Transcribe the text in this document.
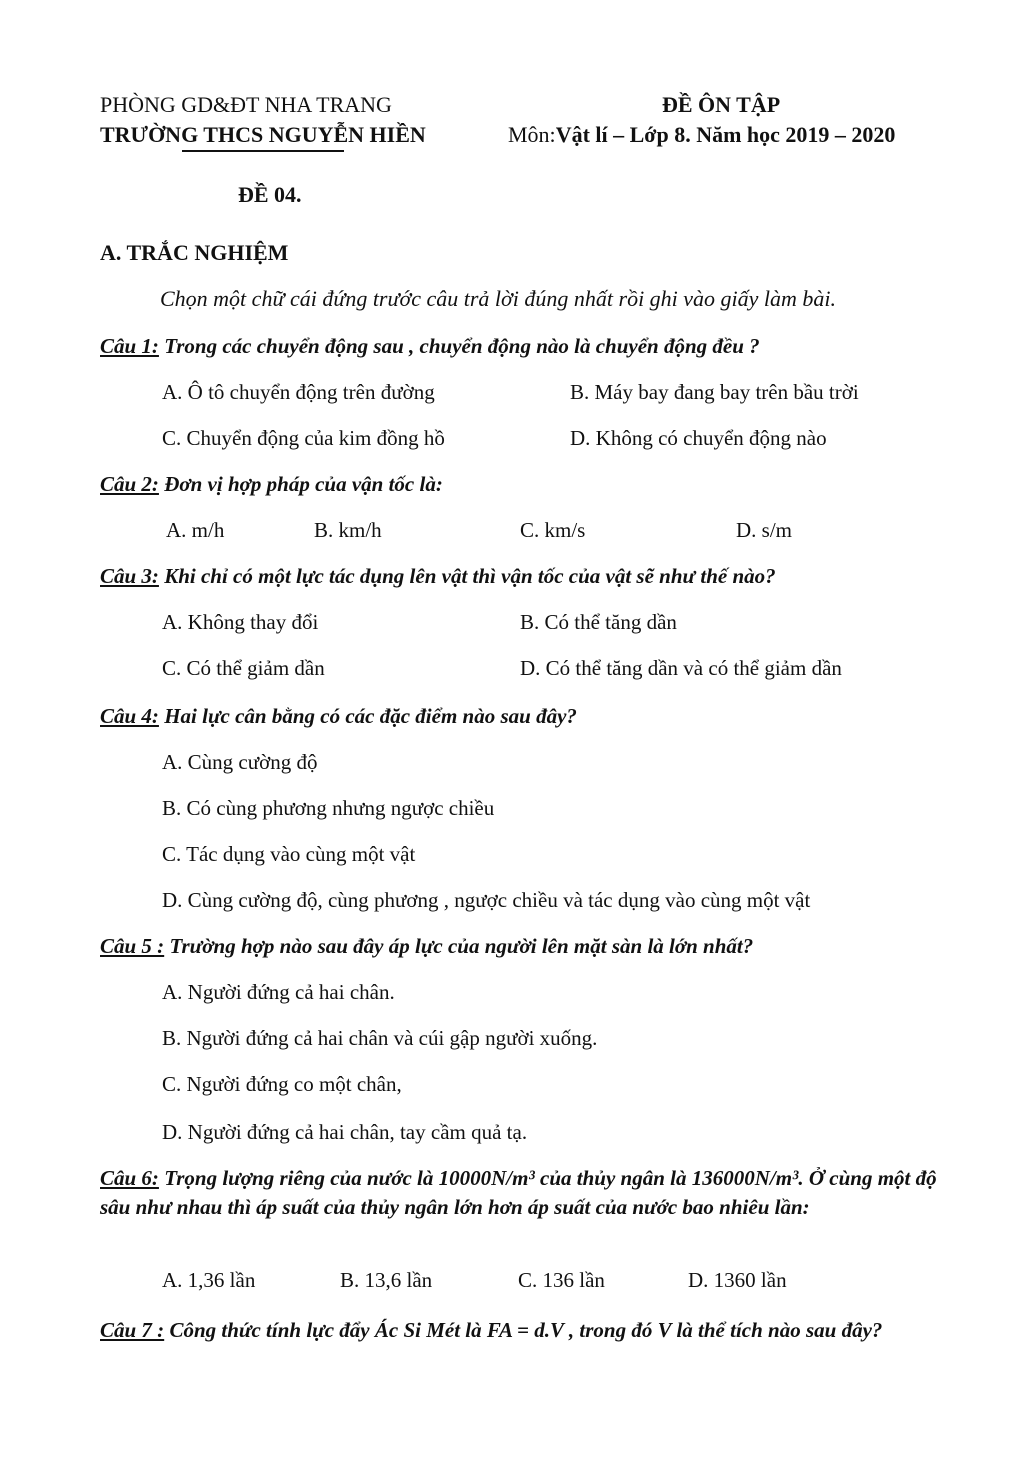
PHÒNG GD&ĐT NHA TRANG
TRƯỜNG THCS NGUYỄN HIỀN
ĐỀ ÔN TẬP
Môn:Vật lí – Lớp 8. Năm học 2019 – 2020
ĐỀ 04.
A. TRẮC NGHIỆM
Chọn một chữ cái đứng trước câu trả lời đúng nhất rồi ghi vào giấy làm bài.
Câu 1: Trong các chuyển động sau , chuyển động nào là chuyển động đều ?
A. Ô tô chuyển động trên đường	B. Máy bay đang bay trên bầu trời
C. Chuyển động của kim đồng hồ	D. Không có chuyển động nào
Câu 2: Đơn vị hợp pháp của vận tốc là:
A. m/h	B. km/h	C. km/s	D. s/m
Câu 3: Khi chỉ có một lực tác dụng lên vật thì vận tốc của vật sẽ như thế nào?
A. Không thay đổi	B. Có thể tăng dần
C. Có thể giảm dần	D. Có thể tăng dần và có thể giảm dần
Câu 4: Hai lực cân bằng có các đặc điểm nào sau đây?
A. Cùng cường độ
B. Có cùng phương nhưng ngược chiều
C. Tác dụng vào cùng một vật
D. Cùng cường độ, cùng phương , ngược chiều và tác dụng vào cùng một vật
Câu 5 : Trường hợp nào sau đây áp lực của người lên mặt sàn là lớn nhất?
A. Người đứng cả hai chân.
B. Người đứng cả hai chân và cúi gập người xuống.
C. Người đứng co một chân,
D. Người đứng cả hai chân, tay cầm quả tạ.
Câu 6: Trọng lượng riêng của nước là 10000N/m³ của thủy ngân là 136000N/m³. Ở cùng một độ sâu như nhau thì áp suất của thủy ngân lớn hơn áp suất của nước bao nhiêu lần:
A. 1,36 lần	B. 13,6 lần	C. 136 lần	D. 1360 lần
Câu 7 : Công thức tính lực đẩy Ác Si Mét là FA = d.V , trong đó V là thể tích nào sau đây?
